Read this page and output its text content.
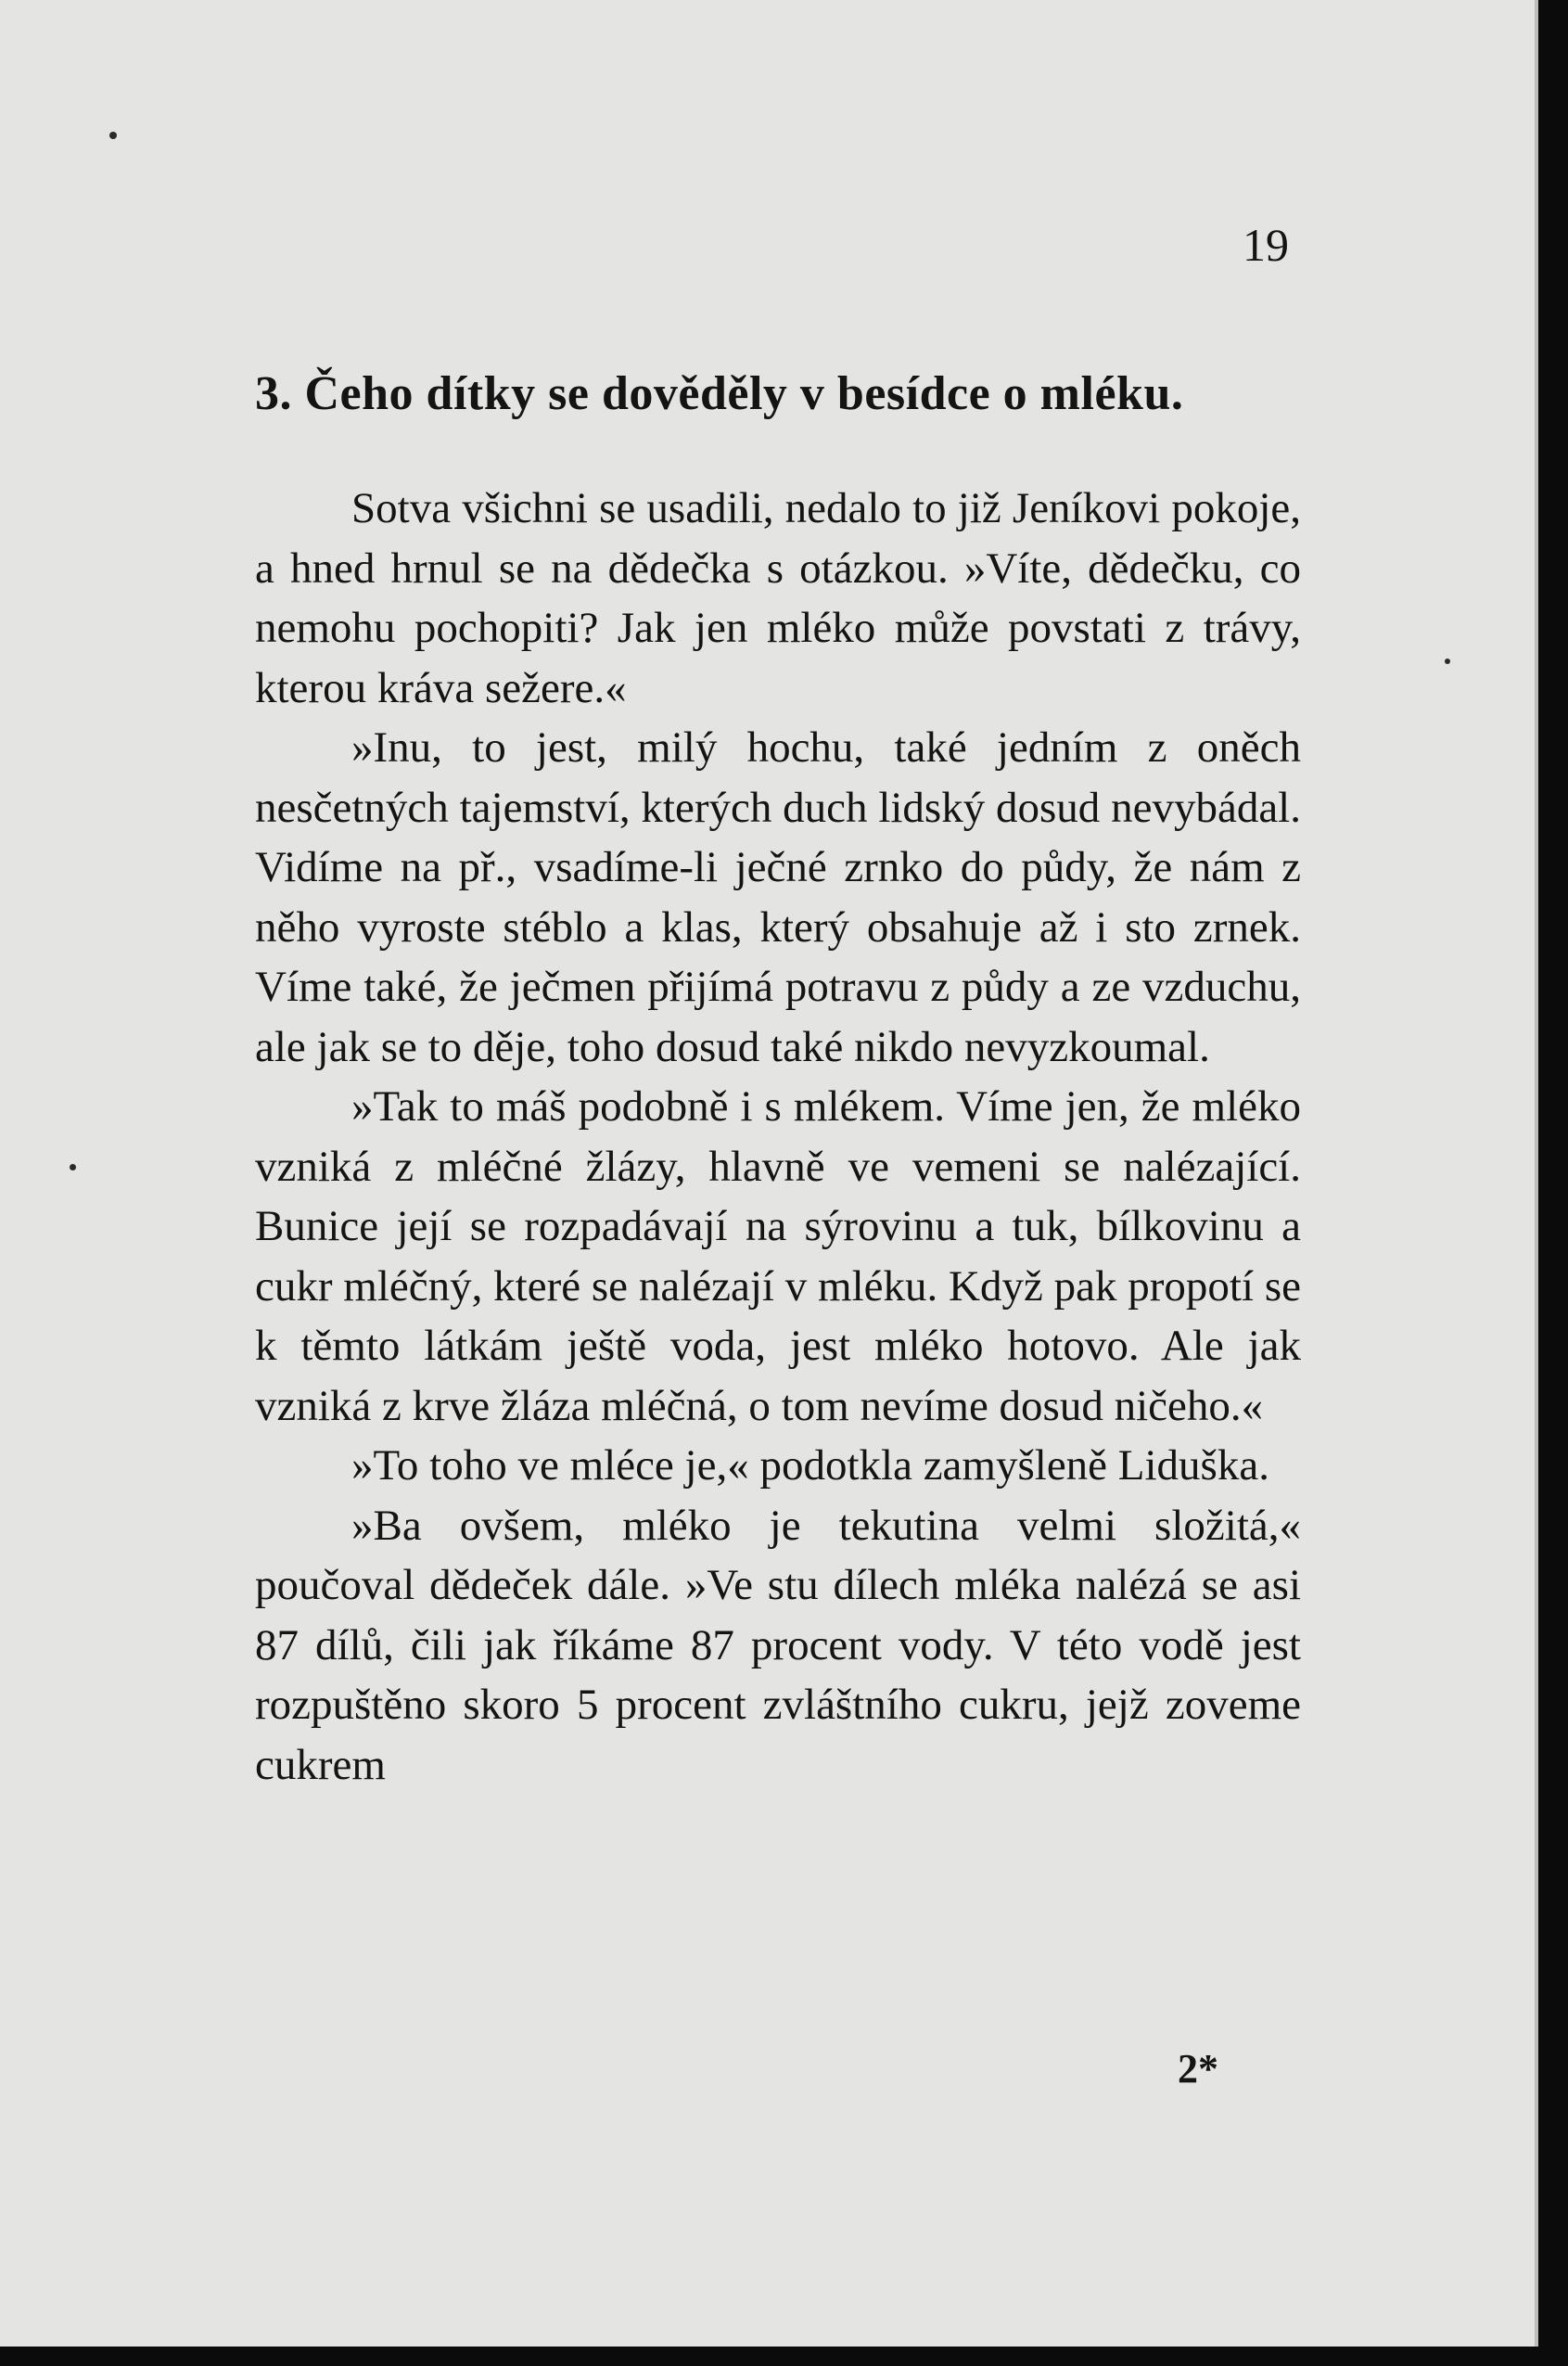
19
3. Čeho dítky se dověděly v besídce o mléku.

Sotva všichni se usadili, nedalo to již Jeníkovi pokoje, a hned hrnul se na dědečka s otázkou. »Víte, dědečku, co nemohu pochopiti? Jak jen mléko může povstati z trávy, kterou kráva sežere.«

»Inu, to jest, milý hochu, také jedním z oněch nesčetných tajemství, kterých duch lidský dosud nevybádal. Vidíme na př., vsadíme-li ječné zrnko do půdy, že nám z něho vyroste stéblo a klas, který obsahuje až i sto zrnek. Víme také, že ječmen přijímá potravu z půdy a ze vzduchu, ale jak se to děje, toho dosud také nikdo nevyzkoumal.

»Tak to máš podobně i s mlékem. Víme jen, že mléko vzniká z mléčné žlázy, hlavně ve vemeni se nalézající. Bunice její se rozpadávají na sýrovinu a tuk, bílkovinu a cukr mléčný, které se nalézají v mléku. Když pak propotí se k těmto látkám ještě voda, jest mléko hotovo. Ale jak vzniká z krve žláza mléčná, o tom nevíme dosud ničeho.«

»To toho ve mléce je,« podotkla zamyšleně Liduška.

»Ba ovšem, mléko je tekutina velmi složitá,« poučoval dědeček dále. »Ve stu dílech mléka nalézá se asi 87 dílů, čili jak říkáme 87 procent vody. V této vodě jest rozpuštěno skoro 5 procent zvláštního cukru, jejž zoveme cukrem

2*
